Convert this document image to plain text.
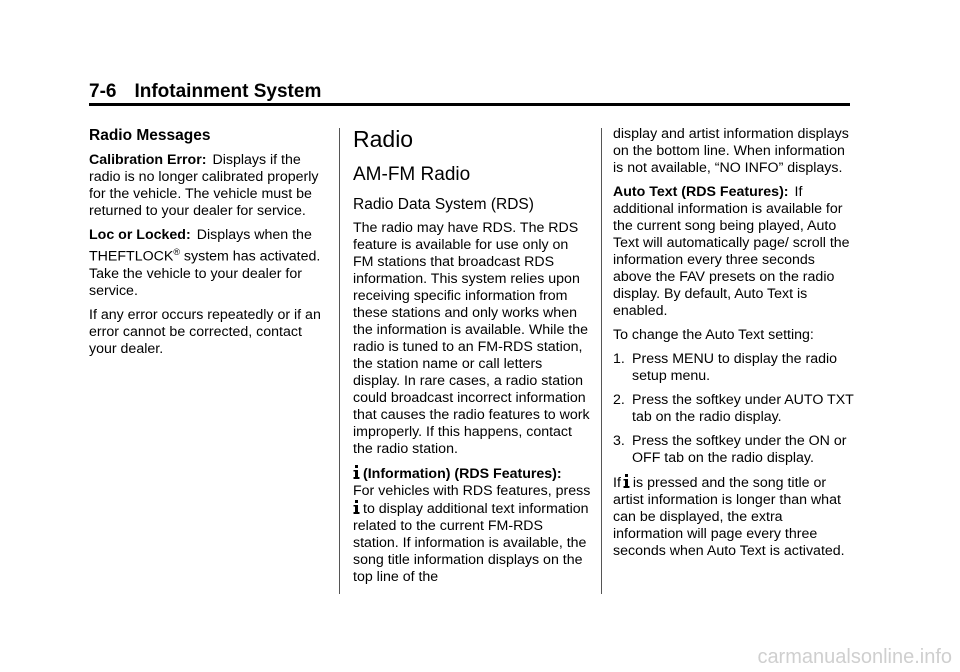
7-6 Infotainment System
Radio Messages

Calibration Error: Displays if the radio is no longer calibrated properly for the vehicle. The vehicle must be returned to your dealer for service.

Loc or Locked: Displays when the THEFTLOCK® system has activated. Take the vehicle to your dealer for service.

If any error occurs repeatedly or if an error cannot be corrected, contact your dealer.

Radio
AM-FM Radio
Radio Data System (RDS)

The radio may have RDS. The RDS feature is available for use only on FM stations that broadcast RDS information. This system relies upon receiving specific information from these stations and only works when the information is available. While the radio is tuned to an FM-RDS station, the station name or call letters display. In rare cases, a radio station could broadcast incorrect information that causes the radio features to work improperly. If this happens, contact the radio station.

(Information) (RDS Features):
For vehicles with RDS features, press to display additional text information related to the current FM-RDS station. If information is available, the song title information displays on the top line of the

display and artist information displays on the bottom line. When information is not available, “NO INFO” displays.

Auto Text (RDS Features): If additional information is available for the current song being played, Auto Text will automatically page/ scroll the information every three seconds above the FAV presets on the radio display. By default, Auto Text is enabled.

To change the Auto Text setting:

1. Press MENU to display the radio setup menu.
2. Press the softkey under AUTO TXT tab on the radio display.
3. Press the softkey under the ON or OFF tab on the radio display.

If is pressed and the song title or artist information is longer than what can be displayed, the extra information will page every three seconds when Auto Text is activated.

carmanualsonline.info
